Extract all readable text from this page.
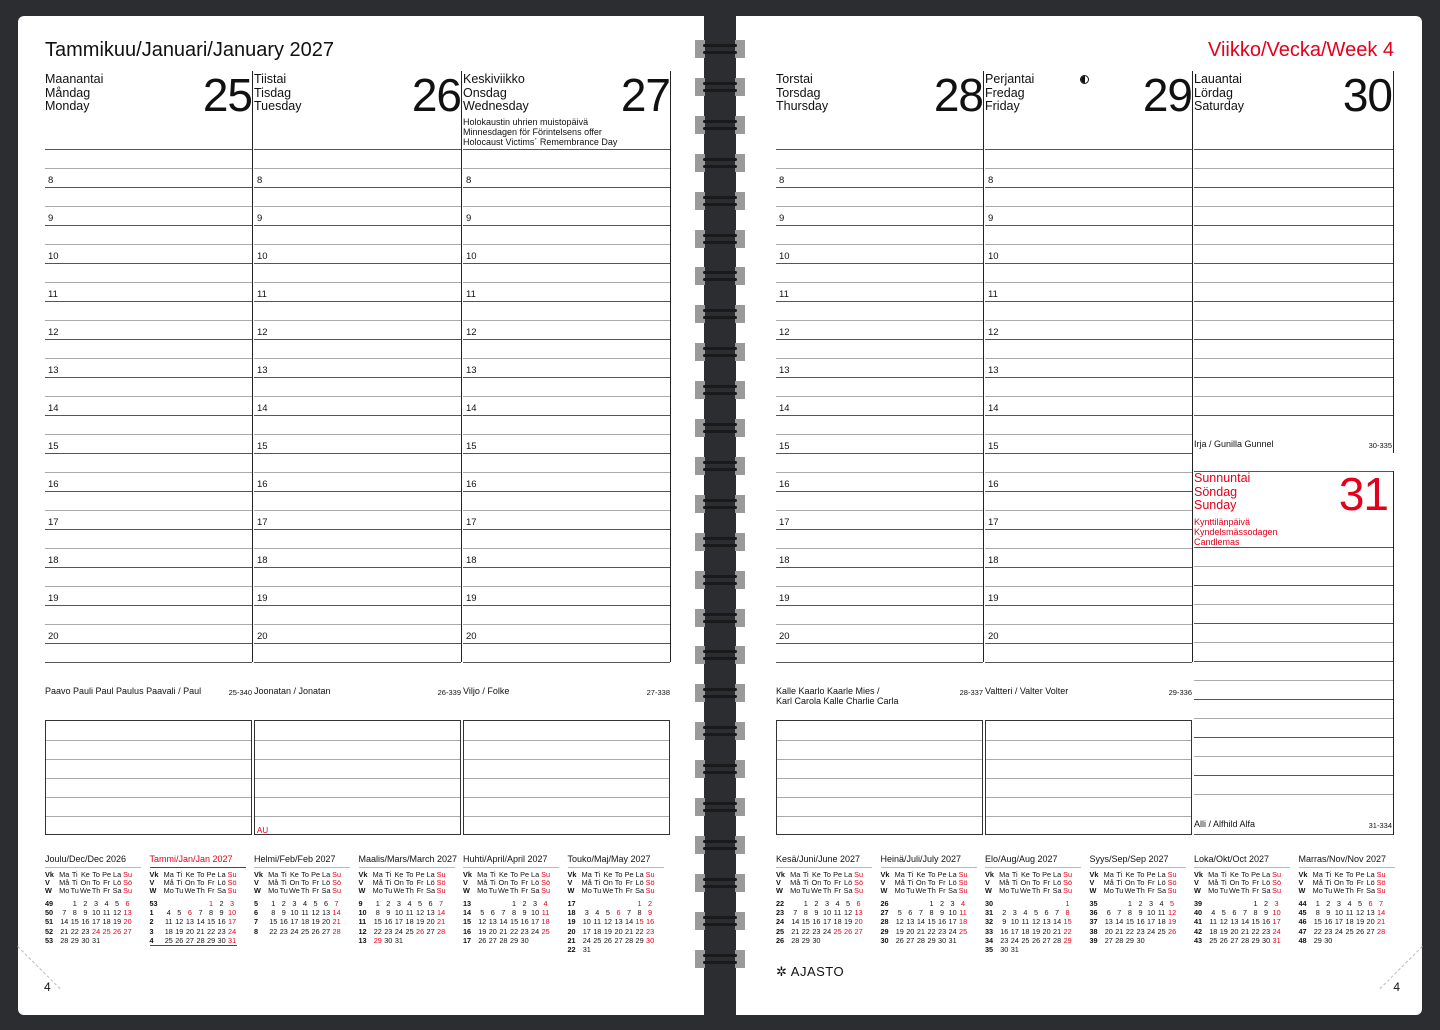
Tammikuu/Januari/January 2027
4
Maanantai
Måndag
Monday	25
8
9
10
11
12
13
14
15
16
17
18
19
20
Paavo Pauli Paul Paulus Paavali / Paul	25-340
Tiistai
Tisdag
Tuesday 26
8
9
10
11
12
13
14
15
16
17
18
19
20
Joonatan / Jonatan	26-339
AU
Keskiviikko
Onsdag
Wednesday 27
Holokaustin uhrien muistopäivä
Minnesdagen för Förintelsens offer
Holocaust Victims´ Remembrance Day
8
9
10
11
12
13
14
15
16
17
18
19
20
Viljo / Folke	27-338
Joulu/Dec/Dec 2026
Vk	Ma	Ti	Ke	To	Pe	La	Su
V	Må	Ti	On	To	Fr	Lö	Sö
W	Mo	Tu	We	Th	Fr	Sa	Su

49		1	2	3	4	5	6
50	7	8	9	10	11	12	13
51	14	15	16	17	18	19	20
52	21	22	23	24	25	26	27
53	28	29	30	31			
Tammi/Jan/Jan 2027
Vk	Ma	Ti	Ke	To	Pe	La	Su
V	Må	Ti	On	To	Fr	Lö	Sö
W	Mo	Tu	We	Th	Fr	Sa	Su

53					1	2	3
1	4	5	6	7	8	9	10
2	11	12	13	14	15	16	17
3	18	19	20	21	22	23	24
4	25	26	27	28	29	30	31
Helmi/Feb/Feb 2027
Vk	Ma	Ti	Ke	To	Pe	La	Su
V	Må	Ti	On	To	Fr	Lö	Sö
W	Mo	Tu	We	Th	Fr	Sa	Su

5	1	2	3	4	5	6	7
6	8	9	10	11	12	13	14
7	15	16	17	18	19	20	21
8	22	23	24	25	26	27	28
Maalis/Mars/March 2027
Vk	Ma	Ti	Ke	To	Pe	La	Su
V	Må	Ti	On	To	Fr	Lö	Sö
W	Mo	Tu	We	Th	Fr	Sa	Su

9	1	2	3	4	5	6	7
10	8	9	10	11	12	13	14
11	15	16	17	18	19	20	21
12	22	23	24	25	26	27	28
13	29	30	31				
Huhti/April/April 2027
Vk	Ma	Ti	Ke	To	Pe	La	Su
V	Må	Ti	On	To	Fr	Lö	Sö
W	Mo	Tu	We	Th	Fr	Sa	Su

13				1	2	3	4
14	5	6	7	8	9	10	11
15	12	13	14	15	16	17	18
16	19	20	21	22	23	24	25
17	26	27	28	29	30		
Touko/Maj/May 2027
Vk	Ma	Ti	Ke	To	Pe	La	Su
V	Må	Ti	On	To	Fr	Lö	Sö
W	Mo	Tu	We	Th	Fr	Sa	Su

17						1	2
18	3	4	5	6	7	8	9
19	10	11	12	13	14	15	16
20	17	18	19	20	21	22	23
21	24	25	26	27	28	29	30
22	31						
Viikko/Vecka/Week 4
4
Torstai
Torsdag
Thursday 28
8
9
10
11
12
13
14
15
16
17
18
19
20
Kalle Kaarlo Kaarle Mies /
Karl Carola Kalle Charlie Carla
28-337
Perjantai
Fredag
Friday	29
8
9
10
11
12
13
14
15
16
17
18
19
20
Valtteri / Valter Volter	29-336
Lauantai
Lördag
Saturday 30
Irja / Gunilla Gunnel	30-335
Sunnuntai
Söndag
Sunday	31
Kynttilänpäivä
Kyndelsmässodagen
Candlemas
Alli / Alfhild Alfa	31-334
✲ AJASTO
Kesä/Juni/June 2027
Vk	Ma	Ti	Ke	To	Pe	La	Su
V	Må	Ti	On	To	Fr	Lö	Sö
W	Mo	Tu	We	Th	Fr	Sa	Su

22		1	2	3	4	5	6
23	7	8	9	10	11	12	13
24	14	15	16	17	18	19	20
25	21	22	23	24	25	26	27
26	28	29	30				
Heinä/Juli/July 2027
Vk	Ma	Ti	Ke	To	Pe	La	Su
V	Må	Ti	On	To	Fr	Lö	Sö
W	Mo	Tu	We	Th	Fr	Sa	Su

26				1	2	3	4
27	5	6	7	8	9	10	11
28	12	13	14	15	16	17	18
29	19	20	21	22	23	24	25
30	26	27	28	29	30	31	
Elo/Aug/Aug 2027
Vk	Ma	Ti	Ke	To	Pe	La	Su
V	Må	Ti	On	To	Fr	Lö	Sö
W	Mo	Tu	We	Th	Fr	Sa	Su

30							1
31	2	3	4	5	6	7	8
32	9	10	11	12	13	14	15
33	16	17	18	19	20	21	22
34	23	24	25	26	27	28	29
35	30	31					
Syys/Sep/Sep 2027
Vk	Ma	Ti	Ke	To	Pe	La	Su
V	Må	Ti	On	To	Fr	Lö	Sö
W	Mo	Tu	We	Th	Fr	Sa	Su

35			1	2	3	4	5
36	6	7	8	9	10	11	12
37	13	14	15	16	17	18	19
38	20	21	22	23	24	25	26
39	27	28	29	30			
Loka/Okt/Oct 2027
Vk	Ma	Ti	Ke	To	Pe	La	Su
V	Må	Ti	On	To	Fr	Lö	Sö
W	Mo	Tu	We	Th	Fr	Sa	Su

39					1	2	3
40	4	5	6	7	8	9	10
41	11	12	13	14	15	16	17
42	18	19	20	21	22	23	24
43	25	26	27	28	29	30	31
Marras/Nov/Nov 2027
Vk	Ma	Ti	Ke	To	Pe	La	Su
V	Må	Ti	On	To	Fr	Lö	Sö
W	Mo	Tu	We	Th	Fr	Sa	Su

44	1	2	3	4	5	6	7
45	8	9	10	11	12	13	14
46	15	16	17	18	19	20	21
47	22	23	24	25	26	27	28
48	29	30					
